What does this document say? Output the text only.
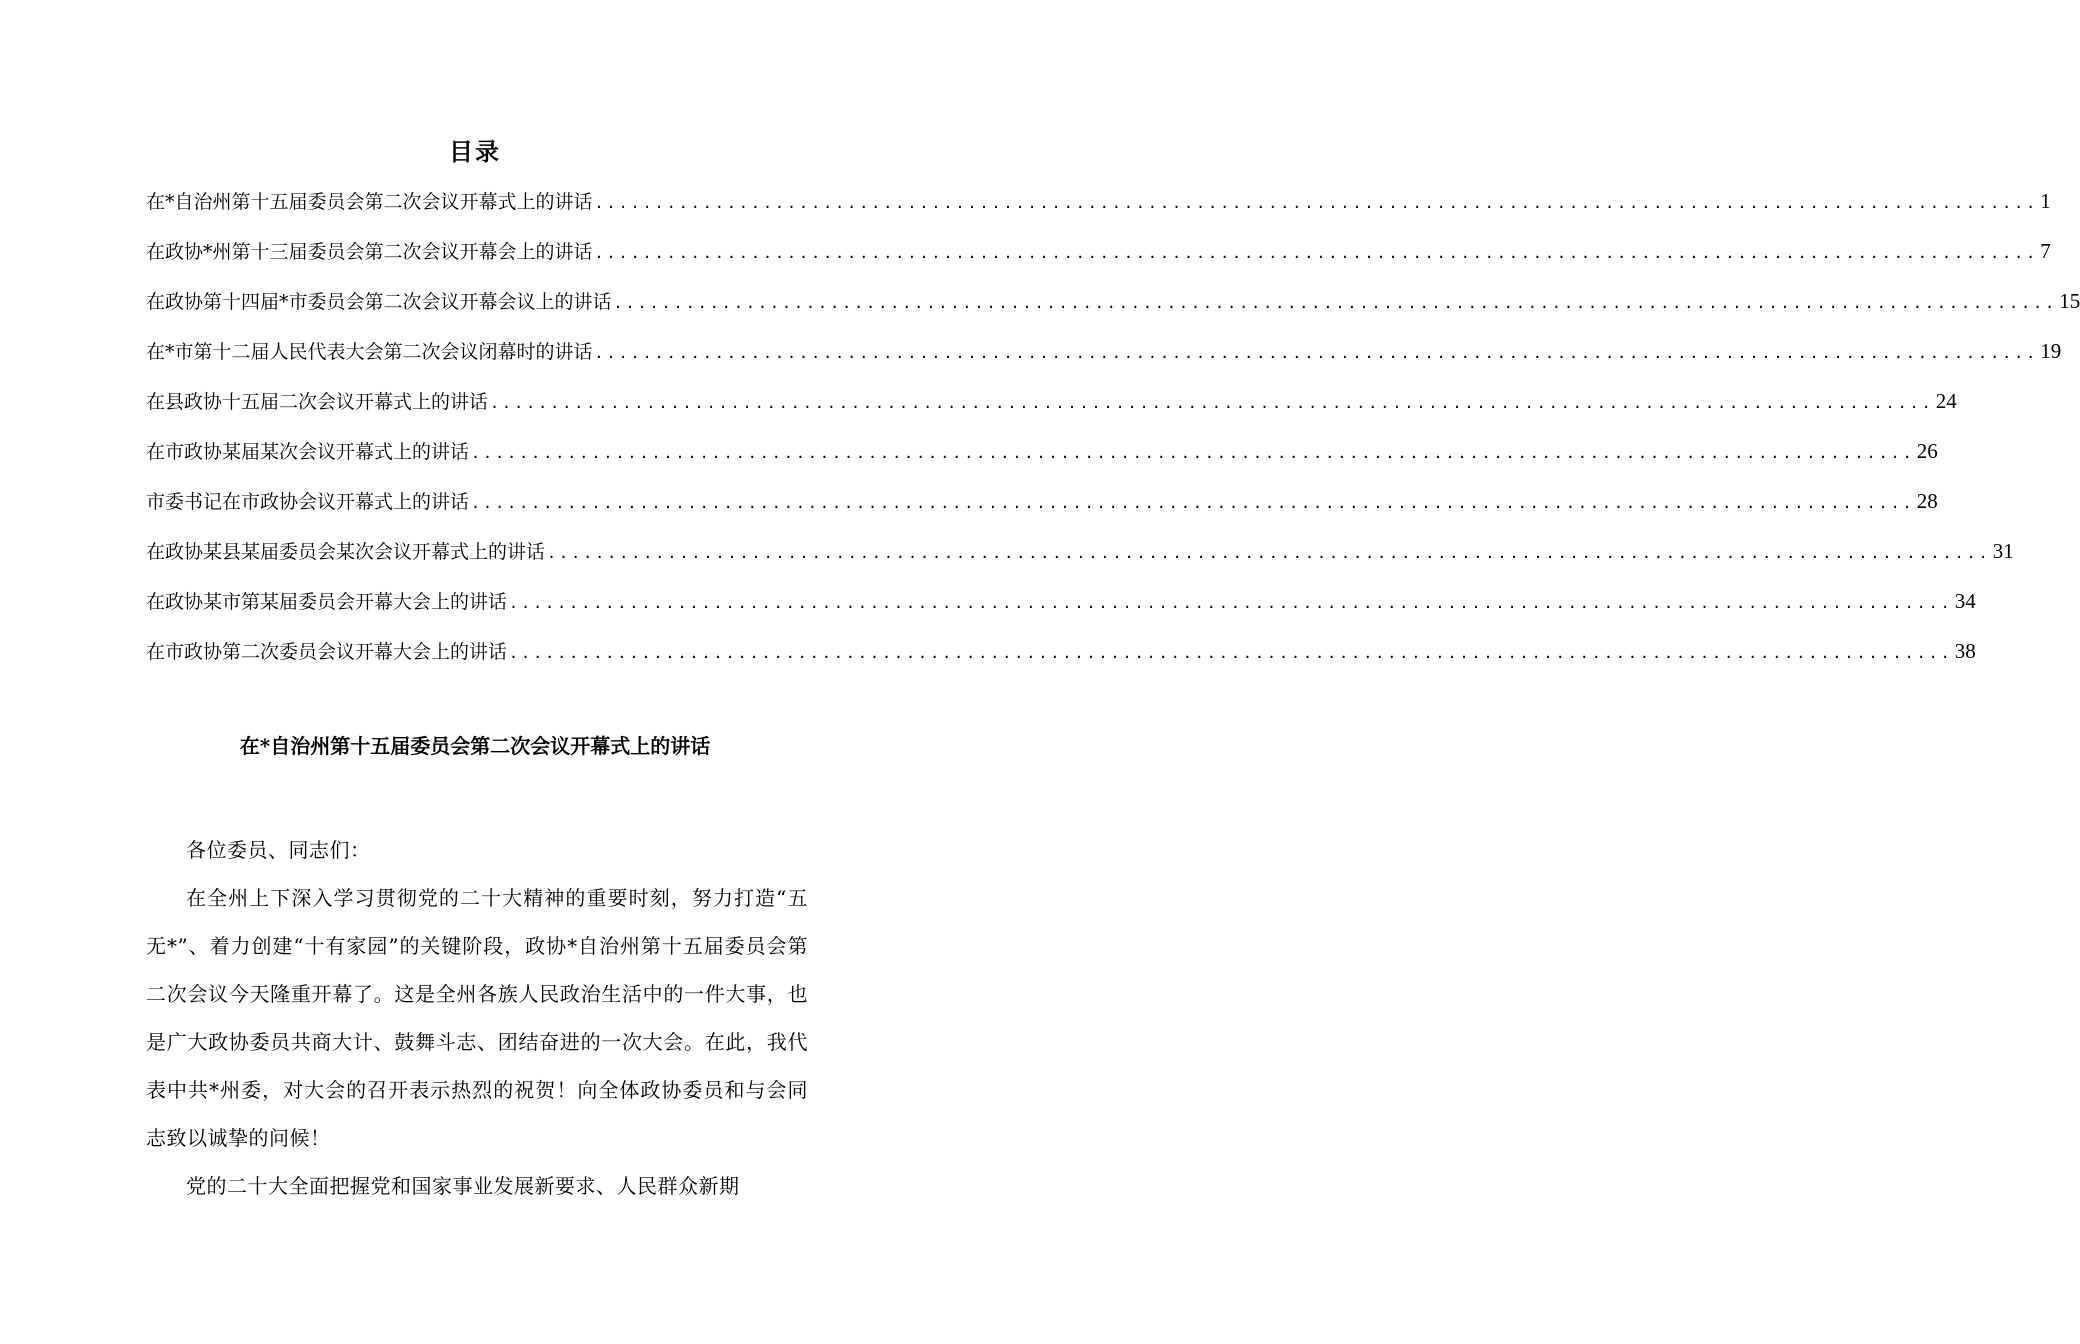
目录
在*自治州第十五届委员会第二次会议开幕式上的讲话 ........................................................................................................................ 1
在政协*州第十三届委员会第二次会议开幕会上的讲话 ........................................................................................................................ 7
在政协第十四届*市委员会第二次会议开幕会议上的讲话 ........................................................................................................................ 15
在*市第十二届人民代表大会第二次会议闭幕时的讲话 ........................................................................................................................ 19
在县政协十五届二次会议开幕式上的讲话 ........................................................................................................................ 24
在市政协某届某次会议开幕式上的讲话 ........................................................................................................................ 26
市委书记在市政协会议开幕式上的讲话 ........................................................................................................................ 28
在政协某县某届委员会某次会议开幕式上的讲话 ........................................................................................................................ 31
在政协某市第某届委员会开幕大会上的讲话 ........................................................................................................................ 34
在市政协第二次委员会议开幕大会上的讲话 ........................................................................................................................ 38
在*自治州第十五届委员会第二次会议开幕式上的讲话

各位委员、同志们：

在全州上下深入学习贯彻党的二十大精神的重要时刻，努力打造“五无*”、着力创建“十有家园”的关键阶段，政协*自治州第十五届委员会第二次会议今天隆重开幕了。这是全州各族人民政治生活中的一件大事，也是广大政协委员共商大计、鼓舞斗志、团结奋进的一次大会。在此，我代表中共*州委，对大会的召开表示热烈的祝贺！向全体政协委员和与会同志致以诚挚的问候！

党的二十大全面把握党和国家事业发展新要求、人民群众新期
